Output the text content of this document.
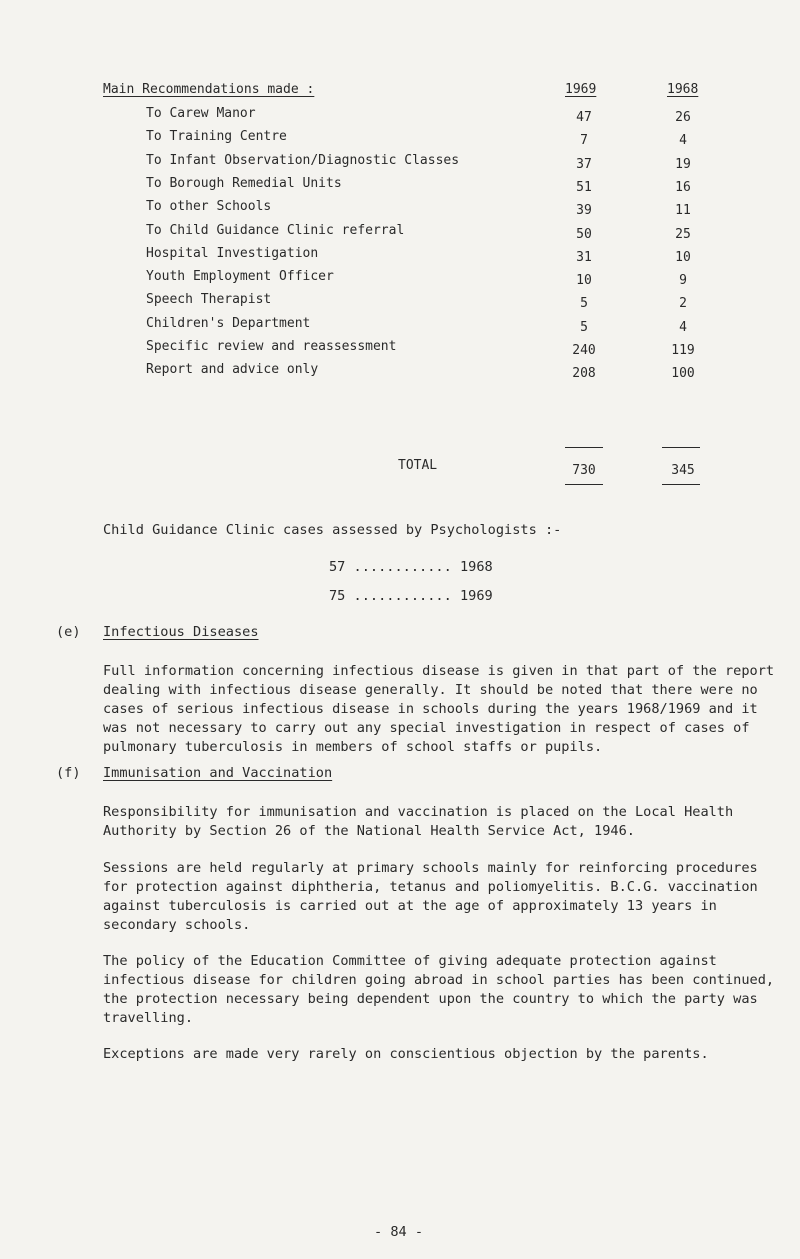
Main Recommendations made :	1969	1968
To Carew Manor	47	26
To Training Centre	7	4
To Infant Observation/Diagnostic Classes	37	19
To Borough Remedial Units	51	16
To other Schools	39	11
To Child Guidance Clinic referral	50	25
Hospital Investigation	31	10
Youth Employment Officer	10	9
Speech Therapist	5	2
Children's Department	5	4
Specific review and reassessment	240	119
Report and advice only	208	100
TOTAL	730	345
Child Guidance Clinic cases assessed by Psychologists :-
57 ............ 1968
75 ............ 1969
(e) Infectious Diseases
Full information concerning infectious disease is given in that part of the report dealing with infectious disease generally. It should be noted that there were no cases of serious infectious disease in schools during the years 1968/1969 and it was not necessary to carry out any special investigation in respect of cases of pulmonary tuberculosis in members of school staffs or pupils.
(f) Immunisation and Vaccination
Responsibility for immunisation and vaccination is placed on the Local Health Authority by Section 26 of the National Health Service Act, 1946.
Sessions are held regularly at primary schools mainly for reinforcing procedures for protection against diphtheria, tetanus and poliomyelitis. B.C.G. vaccination against tuberculosis is carried out at the age of approximately 13 years in secondary schools.
The policy of the Education Committee of giving adequate protection against infectious disease for children going abroad in school parties has been continued, the protection necessary being dependent upon the country to which the party was travelling.
Exceptions are made very rarely on conscientious objection by the parents.
- 84 -
